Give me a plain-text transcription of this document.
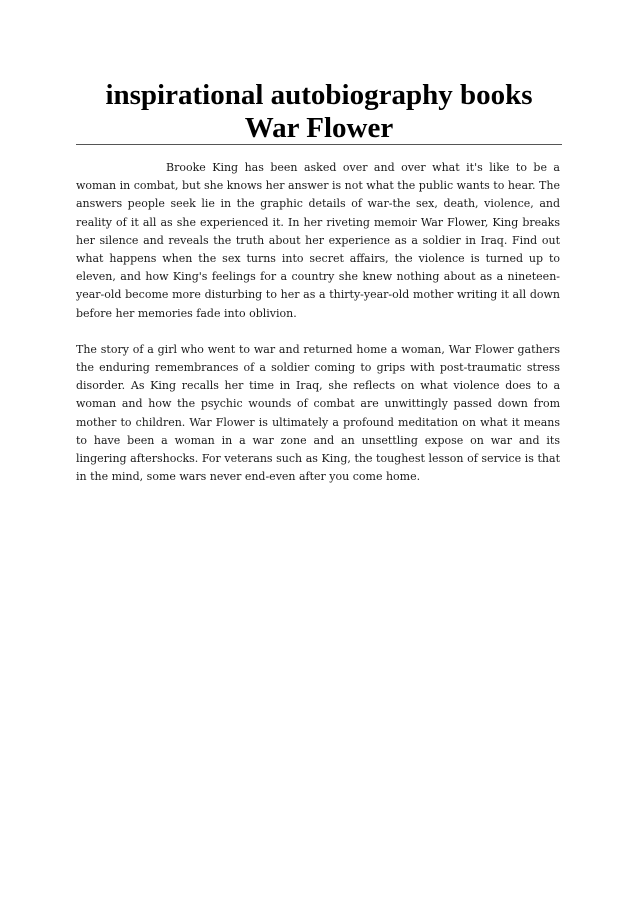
inspirational autobiography books War Flower

Brooke King has been asked over and over what it's like to be a woman in combat, but she knows her answer is not what the public wants to hear. The answers people seek lie in the graphic details of war-the sex, death, violence, and reality of it all as she experienced it. In her riveting memoir War Flower, King breaks her silence and reveals the truth about her experience as a soldier in Iraq. Find out what happens when the sex turns into secret affairs, the violence is turned up to eleven, and how King's feelings for a country she knew nothing about as a nineteen-year-old become more disturbing to her as a thirty-year-old mother writing it all down before her memories fade into oblivion.

The story of a girl who went to war and returned home a woman, War Flower gathers the enduring remembrances of a soldier coming to grips with post-traumatic stress disorder. As King recalls her time in Iraq, she reflects on what violence does to a woman and how the psychic wounds of combat are unwittingly passed down from mother to children. War Flower is ultimately a profound meditation on what it means to have been a woman in a war zone and an unsettling expose on war and its lingering aftershocks. For veterans such as King, the toughest lesson of service is that in the mind, some wars never end-even after you come home.
